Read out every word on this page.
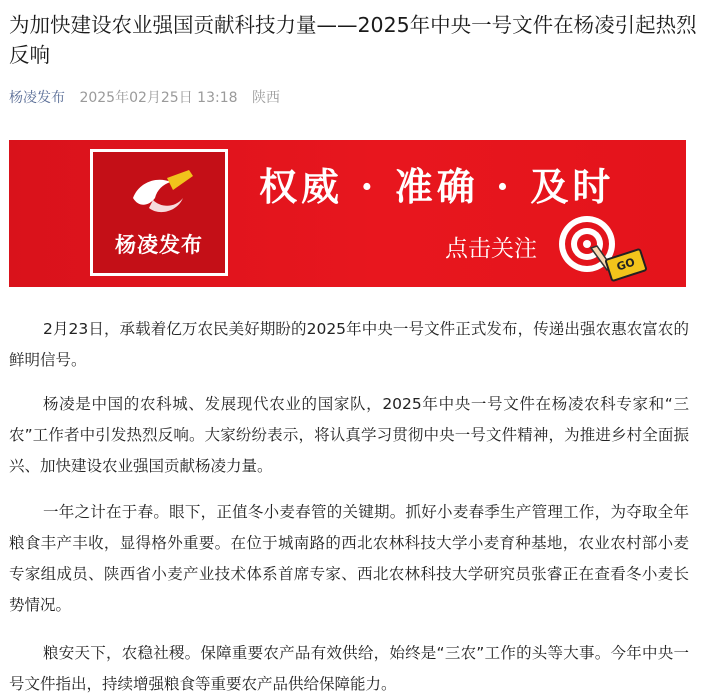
为加快建设农业强国贡献科技力量——2025年中央一号文件在杨凌引起热烈反响
杨凌发布 2025年02月25日 13:18 陕西
杨凌发布
权威 · 准确 · 及时
点击关注
GO

2月23日，承载着亿万农民美好期盼的2025年中央一号文件正式发布，传递出强农惠农富农的鲜明信号。

杨凌是中国的农科城、发展现代农业的国家队，2025年中央一号文件在杨凌农科专家和“三农”工作者中引发热烈反响。大家纷纷表示，将认真学习贯彻中央一号文件精神，为推进乡村全面振兴、加快建设农业强国贡献杨凌力量。

一年之计在于春。眼下，正值冬小麦春管的关键期。抓好小麦春季生产管理工作，为夺取全年粮食丰产丰收，显得格外重要。在位于城南路的西北农林科技大学小麦育种基地，农业农村部小麦专家组成员、陕西省小麦产业技术体系首席专家、西北农林科技大学研究员张睿正在查看冬小麦长势情况。

粮安天下，农稳社稷。保障重要农产品有效供给，始终是“三农”工作的头等大事。今年中央一号文件指出，持续增强粮食等重要农产品供给保障能力。
